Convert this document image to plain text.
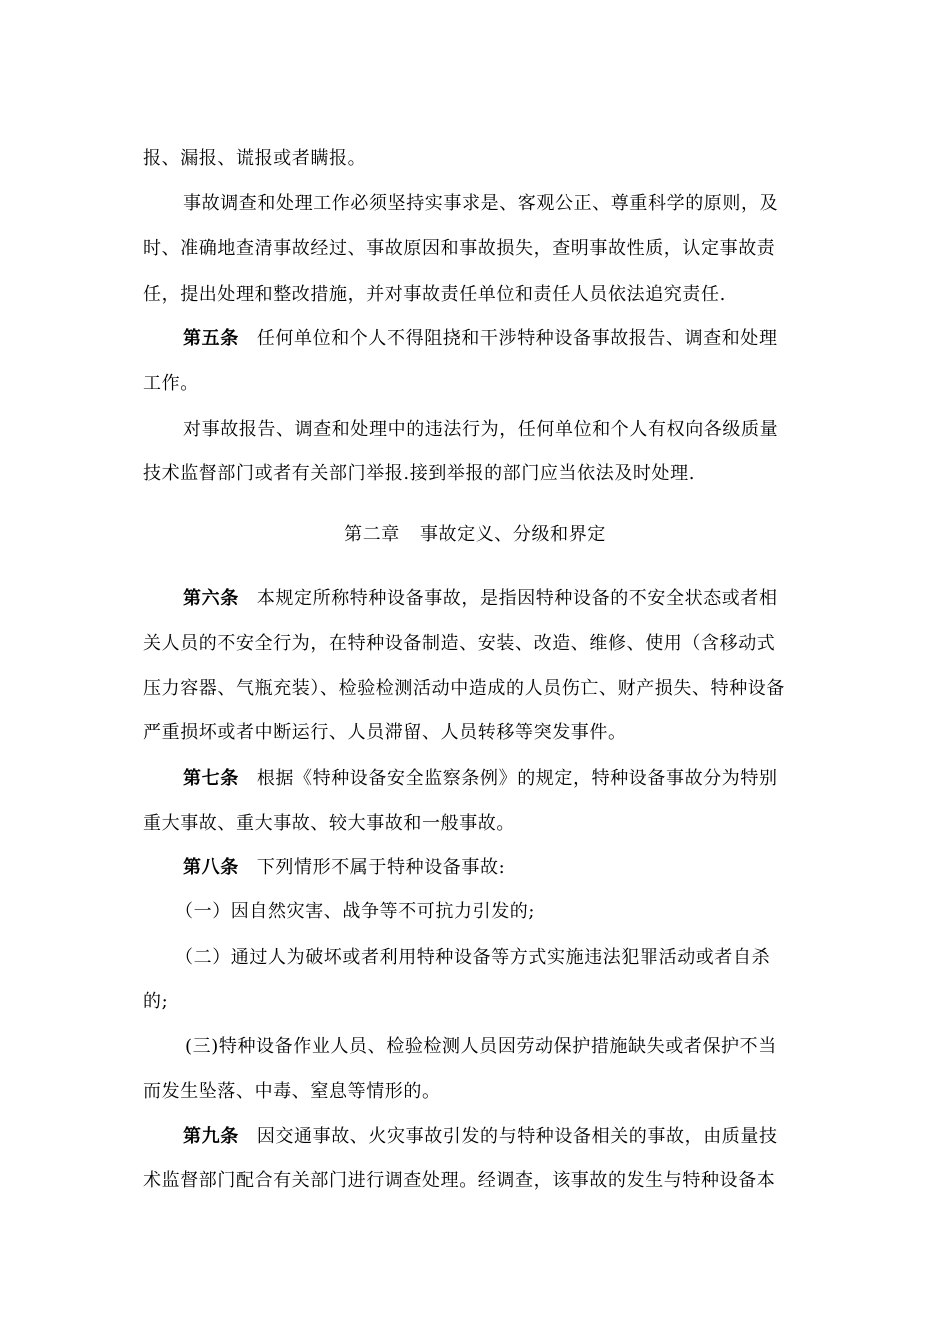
报、漏报、谎报或者瞒报。
事故调查和处理工作必须坚持实事求是、客观公正、尊重科学的原则，及
时、准确地查清事故经过、事故原因和事故损失，查明事故性质，认定事故责
任，提出处理和整改措施，并对事故责任单位和责任人员依法追究责任.
第五条 任何单位和个人不得阻挠和干涉特种设备事故报告、调查和处理
工作。
对事故报告、调查和处理中的违法行为，任何单位和个人有权向各级质量
技术监督部门或者有关部门举报.接到举报的部门应当依法及时处理.
第二章 事故定义、分级和界定
第六条 本规定所称特种设备事故，是指因特种设备的不安全状态或者相
关人员的不安全行为，在特种设备制造、安装、改造、维修、使用（含移动式
压力容器、气瓶充装）、检验检测活动中造成的人员伤亡、财产损失、特种设备
严重损坏或者中断运行、人员滞留、人员转移等突发事件。
第七条 根据《特种设备安全监察条例》的规定，特种设备事故分为特别
重大事故、重大事故、较大事故和一般事故。
第八条 下列情形不属于特种设备事故:
（一）因自然灾害、战争等不可抗力引发的;
（二）通过人为破坏或者利用特种设备等方式实施违法犯罪活动或者自杀
的;
(三)特种设备作业人员、检验检测人员因劳动保护措施缺失或者保护不当
而发生坠落、中毒、窒息等情形的。
第九条 因交通事故、火灾事故引发的与特种设备相关的事故，由质量技
术监督部门配合有关部门进行调查处理。经调查，该事故的发生与特种设备本
